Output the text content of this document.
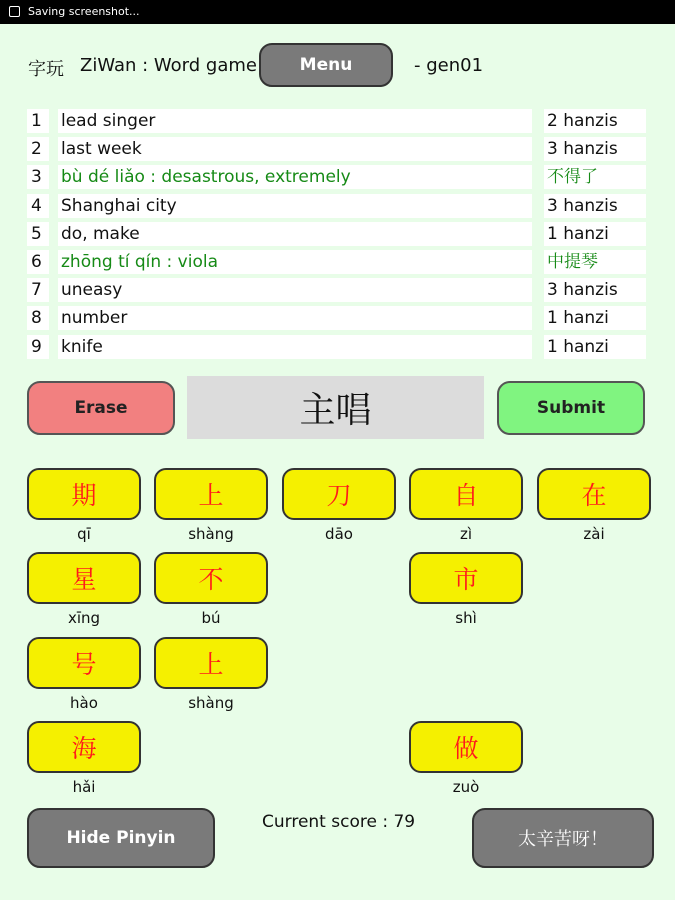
Saving screenshot...
字玩 ZiWan : Word game	Menu	- gen01
1	lead singer	2 hanzis
2	last week	3 hanzis
3	bù dé liǎo : desastrous, extremely	不得了
4	Shanghai city	3 hanzis
5	do, make	1 hanzi
6	zhōng tí qín : viola	中提琴
7	uneasy	3 hanzis
8	number	1 hanzi
9	knife	1 hanzi
Erase	主唱	Submit
期
qī
上
shàng
刀
dāo
自
zì
在
zài
星
xīng
不
bú
市
shì
号
hào
上
shàng
海
hǎi
做
zuò
Hide Pinyin
Current score : 79
太辛苦呀！
